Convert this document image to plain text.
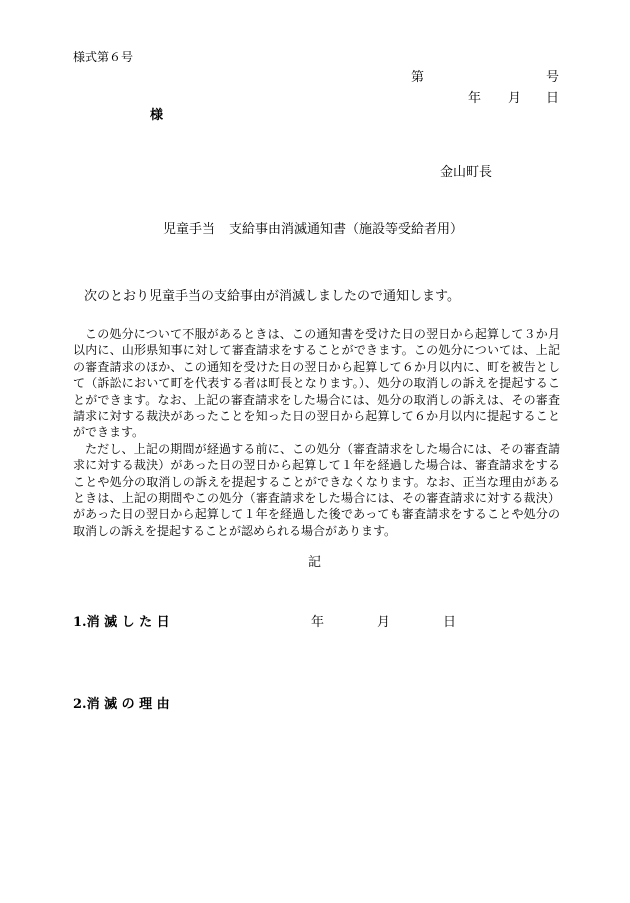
様式第６号
第	号
年 月 日
様
金山町長
児童手当 支給事由消滅通知書（施設等受給者用）
次のとおり児童手当の支給事由が消滅しましたので通知します。

この処分について不服があるときは、この通知書を受けた日の翌日から起算して３か月以内に、山形県知事に対して審査請求をすることができます。この処分については、上記の審査請求のほか、この通知を受けた日の翌日から起算して６か月以内に、町を被告として（訴訟において町を代表する者は町長となります。）、処分の取消しの訴えを提起することができます。なお、上記の審査請求をした場合には、処分の取消しの訴えは、その審査請求に対する裁決があったことを知った日の翌日から起算して６か月以内に提起することができます。

ただし、上記の期間が経過する前に、この処分（審査請求をした場合には、その審査請求に対する裁決）があった日の翌日から起算して１年を経過した場合は、審査請求をすることや処分の取消しの訴えを提起することができなくなります。なお、正当な理由があるときは、上記の期間やこの処分（審査請求をした場合には、その審査請求に対する裁決）があった日の翌日から起算して１年を経過した後であっても審査請求をすることや処分の取消しの訴えを提起することが認められる場合があります。

記
1.消 滅 し た 日	年	月	日
2.消 滅 の 理 由
